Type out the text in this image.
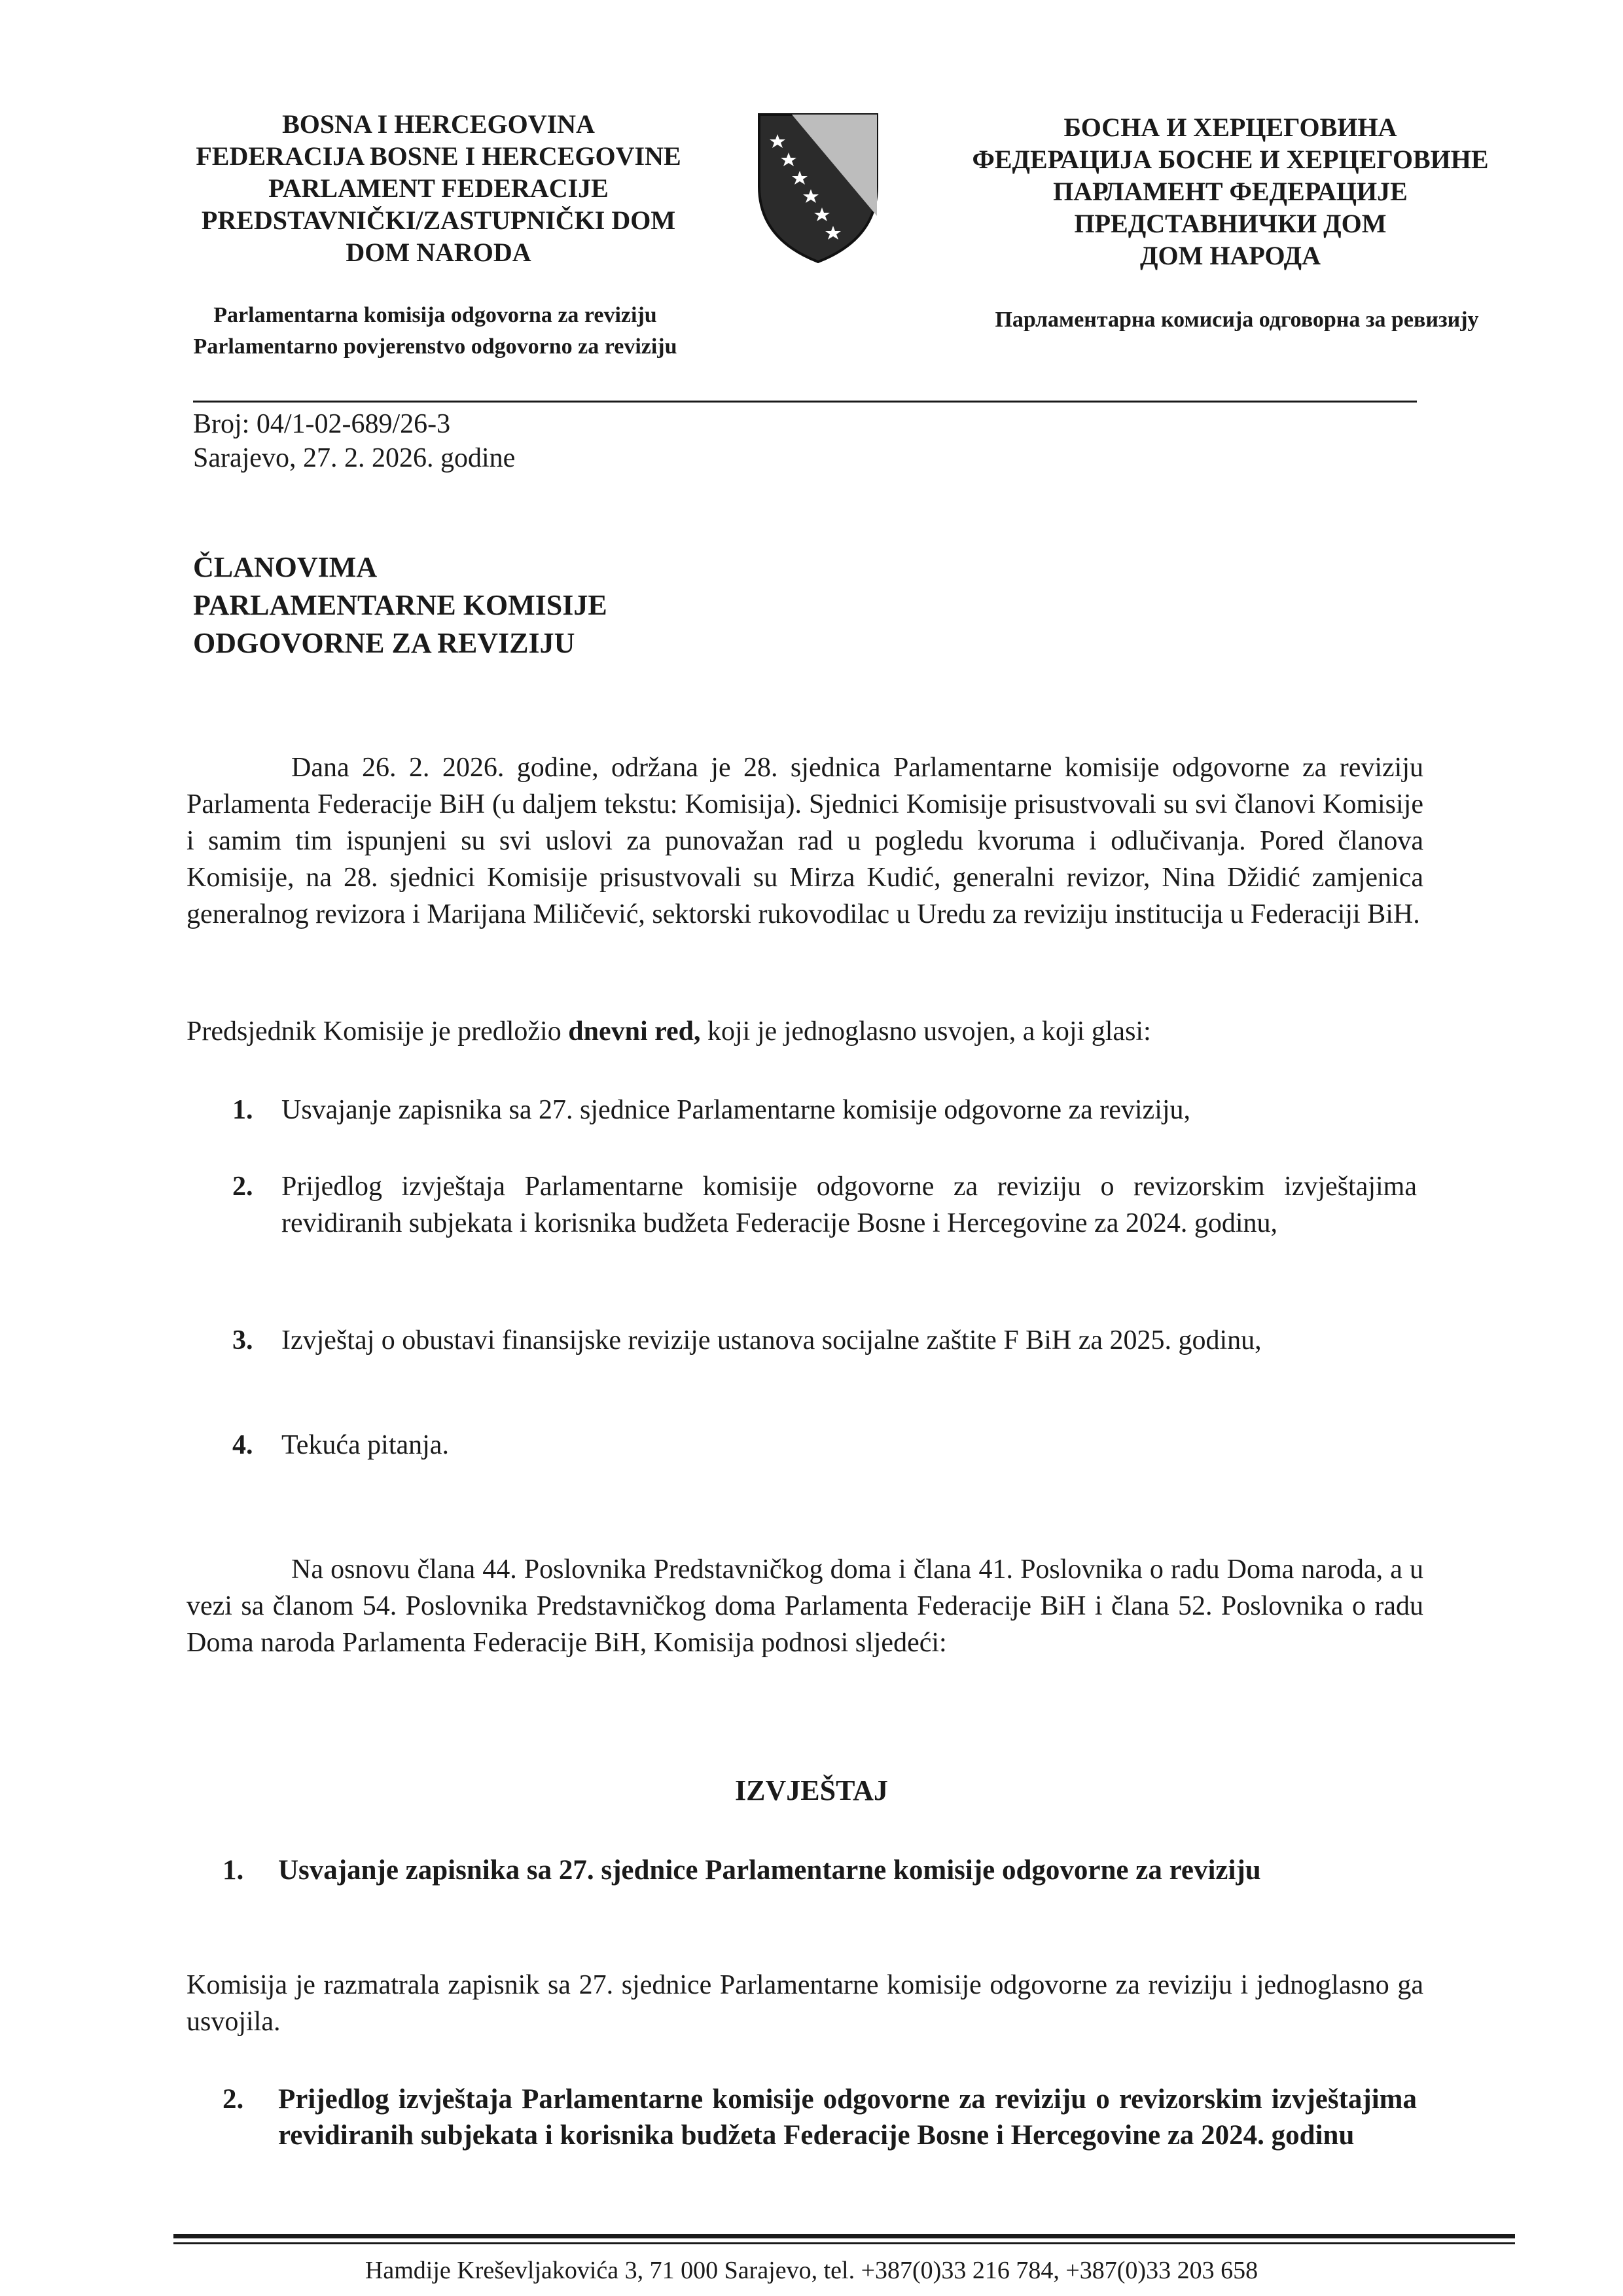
BOSNA I HERCEGOVINA
FEDERACIJA BOSNE I HERCEGOVINE
PARLAMENT FEDERACIJE
PREDSTAVNIČKI/ZASTUPNIČKI DOM
DOM NARODA
БОСНА И ХЕРЦЕГОВИНА
ФЕДЕРАЦИЈА БОСНЕ И ХЕРЦЕГОВИНЕ
ПАРЛАМЕНТ ФЕДЕРАЦИЈЕ
ПРЕДСТАВНИЧКИ ДОМ
ДОМ НАРОДА
Parlamentarna komisija odgovorna za reviziju
Parlamentarno povjerenstvo odgovorno za reviziju
Парламентарна комисија одговорна за ревизију
Broj: 04/1-02-689/26-3
Sarajevo, 27. 2. 2026. godine
ČLANOVIMA
PARLAMENTARNE KOMISIJE
ODGOVORNE ZA REVIZIJU
Dana 26. 2. 2026. godine, održana je 28. sjednica Parlamentarne komisije odgovorne za reviziju Parlamenta Federacije BiH (u daljem tekstu: Komisija). Sjednici Komisije prisustvovali su svi članovi Komisije i samim tim ispunjeni su svi uslovi za punovažan rad u pogledu kvoruma i odlučivanja. Pored članova Komisije, na 28. sjednici Komisije prisustvovali su Mirza Kudić, generalni revizor, Nina Džidić zamjenica generalnog revizora i Marijana Miličević, sektorski rukovodilac u Uredu za reviziju institucija u Federaciji BiH.
Predsjednik Komisije je predložio dnevni red, koji je jednoglasno usvojen, a koji glasi:
1. Usvajanje zapisnika sa 27. sjednice Parlamentarne komisije odgovorne za reviziju,
2. Prijedlog izvještaja Parlamentarne komisije odgovorne za reviziju o revizorskim izvještajima revidiranih subjekata i korisnika budžeta Federacije Bosne i Hercegovine za 2024. godinu,
3. Izvještaj o obustavi finansijske revizije ustanova socijalne zaštite F BiH za 2025. godinu,
4. Tekuća pitanja.
Na osnovu člana 44. Poslovnika Predstavničkog doma i člana 41. Poslovnika o radu Doma naroda, a u vezi sa članom 54. Poslovnika Predstavničkog doma Parlamenta Federacije BiH i člana 52. Poslovnika o radu Doma naroda Parlamenta Federacije BiH, Komisija podnosi sljedeći:
IZVJEŠTAJ
1. Usvajanje zapisnika sa 27. sjednice Parlamentarne komisije odgovorne za reviziju
Komisija je razmatrala zapisnik sa 27. sjednice Parlamentarne komisije odgovorne za reviziju i jednoglasno ga usvojila.
2. Prijedlog izvještaja Parlamentarne komisije odgovorne za reviziju o revizorskim izvještajima revidiranih subjekata i korisnika budžeta Federacije Bosne i Hercegovine za 2024. godinu
Hamdije Kreševljakovića 3, 71 000 Sarajevo, tel. +387(0)33 216 784, +387(0)33 203 658
